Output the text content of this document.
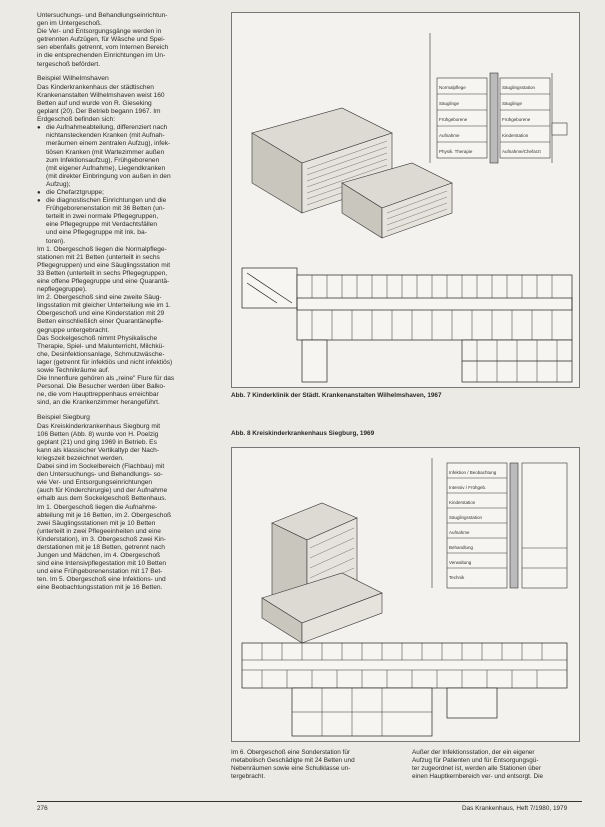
Untersuchungs- und Behandlungseinrichtun-
gen im Untergeschoß.
Die Ver- und Entsorgungsgänge werden in
getrennten Aufzügen, für Wäsche und Spei-
sen ebenfalls getrennt, vom Internen Bereich
in die entsprechenden Einrichtungen im Un-
tergeschoß befördert.
Beispiel Wilhelmshaven
Das Kinderkrankenhaus der städtischen
Krankenanstalten Wilhelmshaven weist 160
Betten auf und wurde von R. Gieseking
geplant (20). Der Betrieb begann 1967. Im
Erdgeschoß befinden sich:
● die Aufnahmeabteilung, differenziert nach
nichtansteckenden Kranken (mit Aufnah-
meräumen einem zentralen Aufzug), infek-
tiösen Kranken (mit Wartezimmer außen
zum Infektionsaufzug), Frühgeborenen
(mit eigener Aufnahme), Liegendkranken
(mit direkter Einbringung von außen in den
Aufzug);
● die Chefarztgruppe;
● die diagnostischen Einrichtungen und die
Frühgeborenenstation mit 36 Betten (un-
terteilt in zwei normale Pflegegruppen,
eine Pflegegruppe mit Verdachtsfällen
und eine Pflegegruppe mit Ink. ba-
toren).
Im 1. Obergeschoß liegen die Normalpflege-
stationen mit 21 Betten (unterteilt in sechs
Pflegegruppen) und eine Säuglingsstation mit
33 Betten (unterteilt in sechs Pflegegruppen,
eine offene Pflegegruppe und eine Quarantä-
nepflegegruppe).
Im 2. Obergeschoß sind eine zweite Säug-
lingsstation mit gleicher Unterteilung wie im 1.
Obergeschoß und eine Kinderstation mit 29
Betten einschließlich einer Quarantänepfle-
gegruppe untergebracht.
Das Sockelgeschoß nimmt Physikalische
Therapie, Spiel- und Malunterricht, Milchkü-
che, Desinfektionsanlage, Schmutzwäsche-
lager (getrennt für infektiös und nicht infektiös)
sowie Technikräume auf.
Die Innenflure gehören als „reine" Flure für das
Personal. Die Besucher werden über Balko-
ne, die vom Haupttreppenhaus erreichbar
sind, an die Krankenzimmer herangeführt.
Beispiel Siegburg
Das Kreiskinderkrankenhaus Siegburg mit
106 Betten (Abb. 8) wurde von H. Poelzig
geplant (21) und ging 1969 in Betrieb. Es
kann als klassischer Vertikaltyp der Nach-
kriegszeit bezeichnet werden.
Dabei sind im Sockelbereich (Flachbau) mit
den Untersuchungs- und Behandlungs- so-
wie Ver- und Entsorgungseinrichtungen
(auch für Kinderchirurgie) und der Aufnahme
erhalb aus dem Sockelgeschoß Bettenhaus.
Im 1. Obergeschoß liegen die Aufnahme-
abteilung mit je 16 Betten, im 2. Obergeschoß
zwei Säuglingsstationen mit je 10 Betten
(unterteilt in zwei Pflegeeinheiten und eine
Kinderstation), im 3. Obergeschoß zwei Kin-
derstationen mit je 18 Betten, getrennt nach
Jungen und Mädchen, im 4. Obergeschoß
sind eine Intensivpflegestation mit 10 Betten
und eine Frühgeborenenstation mit 17 Bet-
ten. Im 5. Obergeschoß eine Infektions- und
eine Beobachtungsstation mit je 16 Betten.
Normalpflege
Säuglinge
Frühgeborene
Aufnahme
Physik. Therapie
Säuglingsstation
Säuglinge
Frühgeborene
Kinderstation
Aufnahme/Chefarzt
Abb. 7 Kinderklinik der Städt. Krankenanstalten Wilhelmshaven, 1967
Abb. 8 Kreiskinderkrankenhaus Siegburg, 1969
Infektion / Beobachtung
Intensiv / Frühgeb.
Kinderstation
Säuglingsstation
Aufnahme
Behandlung
Verwaltung
Technik
Im 6. Obergeschoß eine Sonderstation für
metabolisch Geschädigte mit 24 Betten und
Nebenräumen sowie eine Schulklasse un-
tergebracht.
Außer der Infektionsstation, der ein eigener
Aufzug für Patienten und für Entsorgungsgü-
ter zugeordnet ist, werden alle Stationen über
einen Hauptkernbereich ver- und entsorgt. Die
276	Das Krankenhaus, Heft 7/1980, 1979
